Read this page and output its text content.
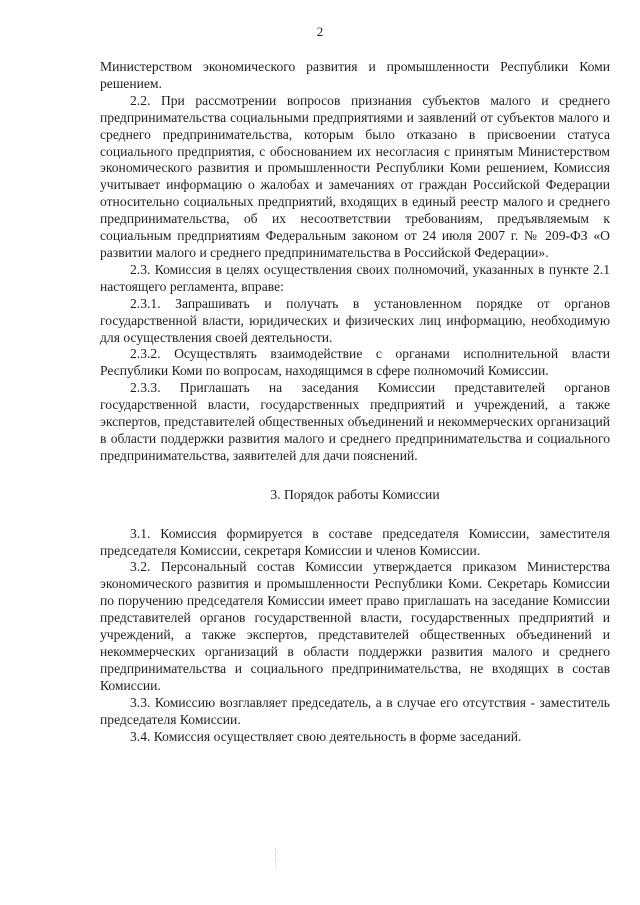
2

Министерством экономического развития и промышленности Республики Коми решением.

2.2. При рассмотрении вопросов признания субъектов малого и среднего предпринимательства социальными предприятиями и заявлений от субъектов малого и среднего предпринимательства, которым было отказано в присвоении статуса социального предприятия, с обоснованием их несогласия с принятым Министерством экономического развития и промышленности Республики Коми решением, Комиссия учитывает информацию о жалобах и замечаниях от граждан Российской Федерации относительно социальных предприятий, входящих в единый реестр малого и среднего предпринимательства, об их несоответствии требованиям, предъявляемым к социальным предприятиям Федеральным законом от 24 июля 2007 г. № 209-ФЗ «О развитии малого и среднего предпринимательства в Российской Федерации».

2.3. Комиссия в целях осуществления своих полномочий, указанных в пункте 2.1 настоящего регламента, вправе:

2.3.1. Запрашивать и получать в установленном порядке от органов государственной власти, юридических и физических лиц информацию, необходимую для осуществления своей деятельности.

2.3.2. Осуществлять взаимодействие с органами исполнительной власти Республики Коми по вопросам, находящимся в сфере полномочий Комиссии.

2.3.3. Приглашать на заседания Комиссии представителей органов государственной власти, государственных предприятий и учреждений, а также экспертов, представителей общественных объединений и некоммерческих организаций в области поддержки развития малого и среднего предпринимательства и социального предпринимательства, заявителей для дачи пояснений.

3. Порядок работы Комиссии

3.1. Комиссия формируется в составе председателя Комиссии, заместителя председателя Комиссии, секретаря Комиссии и членов Комиссии.

3.2. Персональный состав Комиссии утверждается приказом Министерства экономического развития и промышленности Республики Коми. Секретарь Комиссии по поручению председателя Комиссии имеет право приглашать на заседание Комиссии представителей органов государственной власти, государственных предприятий и учреждений, а также экспертов, представителей общественных объединений и некоммерческих организаций в области поддержки развития малого и среднего предпринимательства и социального предпринимательства, не входящих в состав Комиссии.

3.3. Комиссию возглавляет председатель, а в случае его отсутствия - заместитель председателя Комиссии.

3.4. Комиссия осуществляет свою деятельность в форме заседаний.
